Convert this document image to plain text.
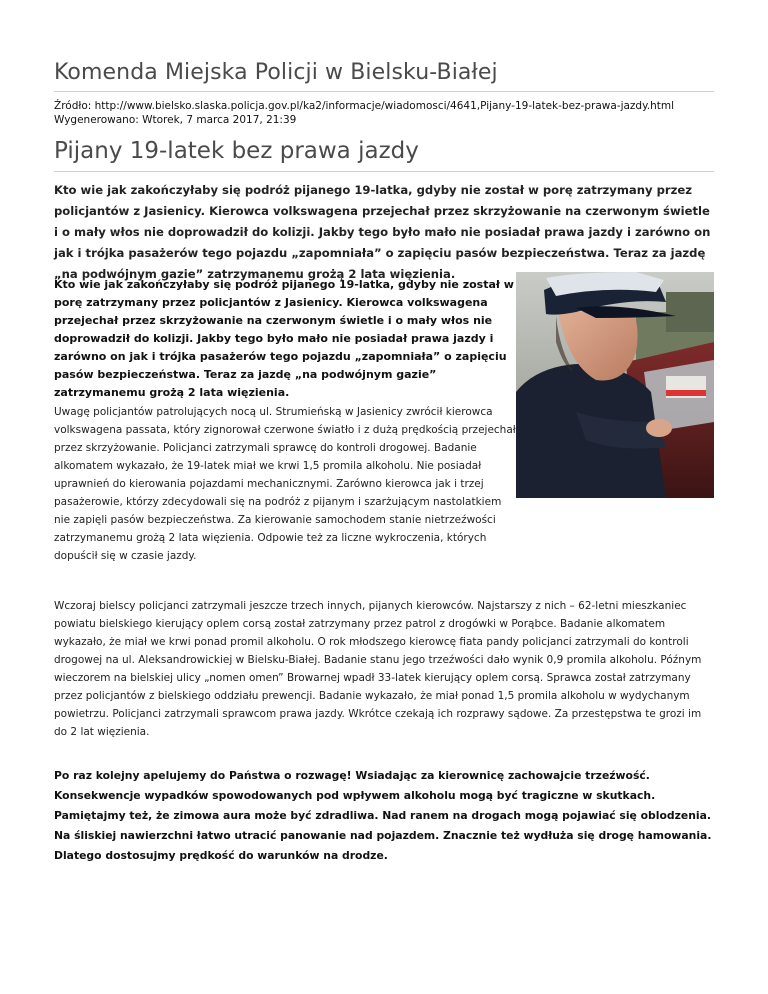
Komenda Miejska Policji w Bielsku-Białej
Źródło: http://www.bielsko.slaska.policja.gov.pl/ka2/informacje/wiadomosci/4641,Pijany-19-latek-bez-prawa-jazdy.html
Wygenerowano: Wtorek, 7 marca 2017, 21:39
Pijany 19-latek bez prawa jazdy

Kto wie jak zakończyłaby się podróż pijanego 19-latka, gdyby nie został w porę zatrzymany przez policjantów z Jasienicy. Kierowca volkswagena przejechał przez skrzyżowanie na czerwonym świetle i o mały włos nie doprowadził do kolizji. Jakby tego było mało nie posiadał prawa jazdy i zarówno on jak i trójka pasażerów tego pojazdu „zapomniała” o zapięciu pasów bezpieczeństwa. Teraz za jazdę „na podwójnym gazie” zatrzymanemu grożą 2 lata więzienia.

Kto wie jak zakończyłaby się podróż pijanego 19-latka, gdyby nie został w porę zatrzymany przez policjantów z Jasienicy. Kierowca volkswagena przejechał przez skrzyżowanie na czerwonym świetle i o mały włos nie doprowadził do kolizji. Jakby tego było mało nie posiadał prawa jazdy i zarówno on jak i trójka pasażerów tego pojazdu „zapomniała” o zapięciu pasów bezpieczeństwa. Teraz za jazdę „na podwójnym gazie” zatrzymanemu grożą 2 lata więzienia.

Uwagę policjantów patrolujących nocą ul. Strumieńską w Jasienicy zwrócił kierowca volkswagena passata, który zignorował czerwone światło i z dużą prędkością przejechał przez skrzyżowanie. Policjanci zatrzymali sprawcę do kontroli drogowej. Badanie alkomatem wykazało, że 19-latek miał we krwi 1,5 promila alkoholu. Nie posiadał uprawnień do kierowania pojazdami mechanicznymi. Zarówno kierowca jak i trzej pasażerowie, którzy zdecydowali się na podróż z pijanym i szarżującym nastolatkiem nie zapięli pasów bezpieczeństwa. Za kierowanie samochodem stanie nietrzeźwości zatrzymanemu grożą 2 lata więzienia. Odpowie też za liczne wykroczenia, których dopuścił się w czasie jazdy.

Wczoraj bielscy policjanci zatrzymali jeszcze trzech innych, pijanych kierowców. Najstarszy z nich – 62-letni mieszkaniec powiatu bielskiego kierujący oplem corsą został zatrzymany przez patrol z drogówki w Porąbce. Badanie alkomatem wykazało, że miał we krwi ponad promil alkoholu. O rok młodszego kierowcę fiata pandy policjanci zatrzymali do kontroli drogowej na ul. Aleksandrowickiej w Bielsku-Białej. Badanie stanu jego trzeźwości dało wynik 0,9 promila alkoholu. Późnym wieczorem na bielskiej ulicy „nomen omen” Browarnej wpadł 33-latek kierujący oplem corsą. Sprawca został zatrzymany przez policjantów z bielskiego oddziału prewencji. Badanie wykazało, że miał ponad 1,5 promila alkoholu w wydychanym powietrzu. Policjanci zatrzymali sprawcom prawa jazdy. Wkrótce czekają ich rozprawy sądowe. Za przestępstwa te grozi im do 2 lat więzienia.

Po raz kolejny apelujemy do Państwa o rozwagę! Wsiadając za kierownicę zachowajcie trzeźwość. Konsekwencje wypadków spowodowanych pod wpływem alkoholu mogą być tragiczne w skutkach. Pamiętajmy też, że zimowa aura może być zdradliwa. Nad ranem na drogach mogą pojawiać się oblodzenia. Na śliskiej nawierzchni łatwo utracić panowanie nad pojazdem. Znacznie też wydłuża się drogę hamowania. Dlatego dostosujmy prędkość do warunków na drodze.
